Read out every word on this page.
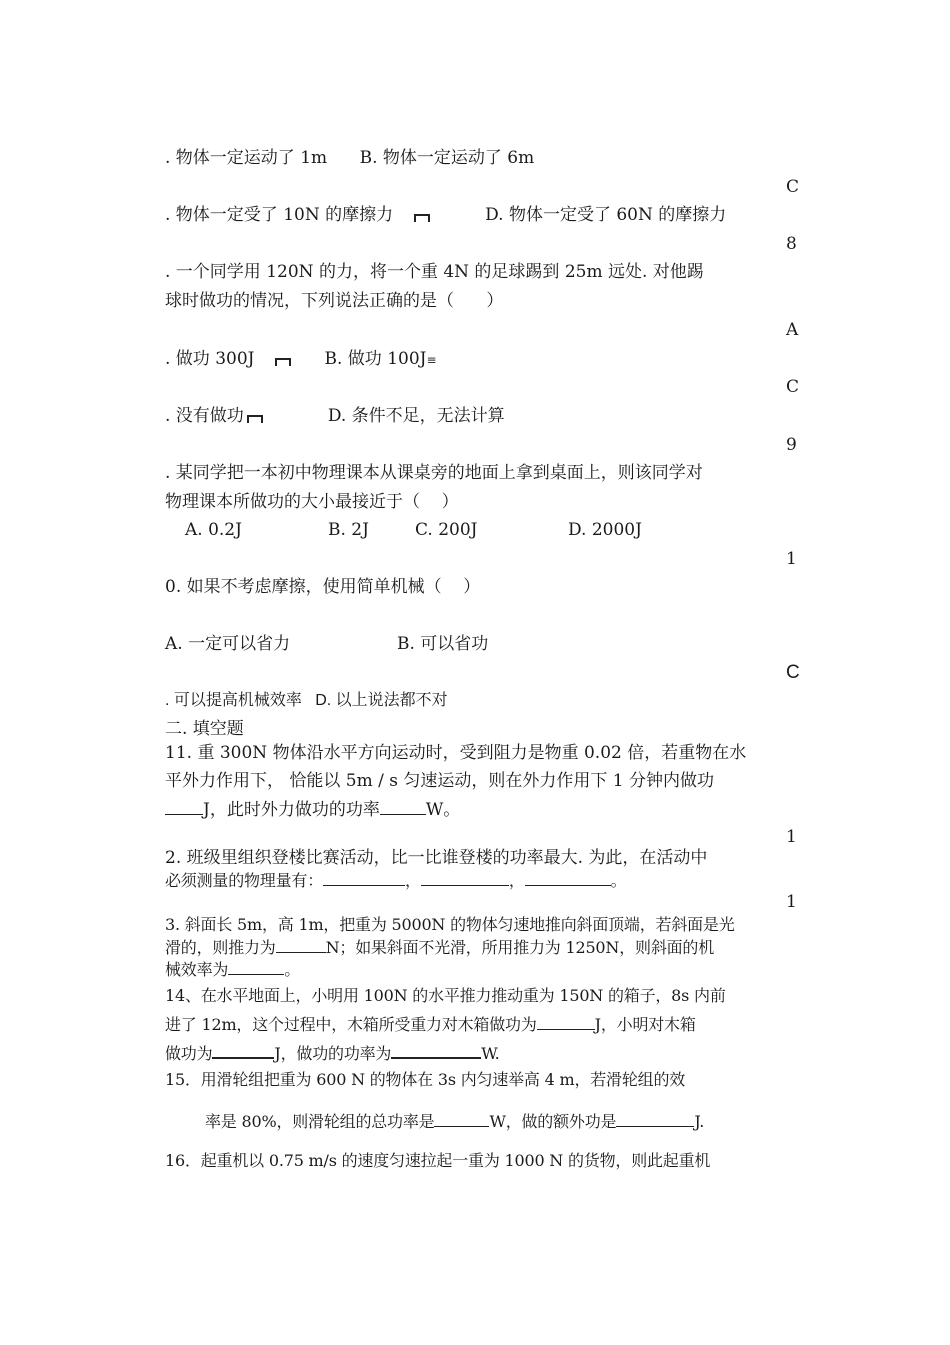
. 物体一定运动了 1m      B. 物体一定运动了 6m
C
. 物体一定受了 10N 的摩擦力	D. 物体一定受了 60N 的摩擦力
8
. 一个同学用 120N 的力，将一个重 4N 的足球踢到 25m 远处. 对他踢
球时做功的情况，下列说法正确的是（      ）
A
. 做功 300J	B. 做功 100J≡
C
. 没有做功	D. 条件不足，无法计算
9
. 某同学把一本初中物理课本从课桌旁的地面上拿到桌面上，则该同学对
物理课本所做功的大小最接近于（    ）
A. 0.2J	B. 2J	C. 200J	D. 2000J
1
0. 如果不考虑摩擦，使用简单机械（    ）
A. 一定可以省力	B. 可以省功
C
. 可以提高机械效率   D. 以上说法都不对
二. 填空题
11. 重 300N 物体沿水平方向运动时，受到阻力是物重 0.02 倍，若重物在水
平外力作用下， 恰能以 5m / s 匀速运动，则在外力作用下 1 分钟内做功
J，此时外力做功的功率	W。
1
2. 班级里组织登楼比赛活动，比一比谁登楼的功率最大. 为此，在活动中
必须测量的物理量有：	，	，	。
1
3. 斜面长 5m，高 1m，把重为 5000N 的物体匀速地推向斜面顶端，若斜面是光
滑的，则推力为	N；如果斜面不光滑，所用推力为 1250N，则斜面的机
械效率为	。
14、在水平地面上，小明用 100N 的水平推力推动重为 150N 的箱子，8s 内前
进了 12m，这个过程中，木箱所受重力对木箱做功为	J，小明对木箱
做功为	J，做功的功率为	W.
15．用滑轮组把重为 600 N 的物体在 3s 内匀速举高 4 m，若滑轮组的效
率是 80%，则滑轮组的总功率是	W，做的额外功是	J.
16．起重机以 0.75 m/s 的速度匀速拉起一重为 1000 N 的货物，则此起重机
